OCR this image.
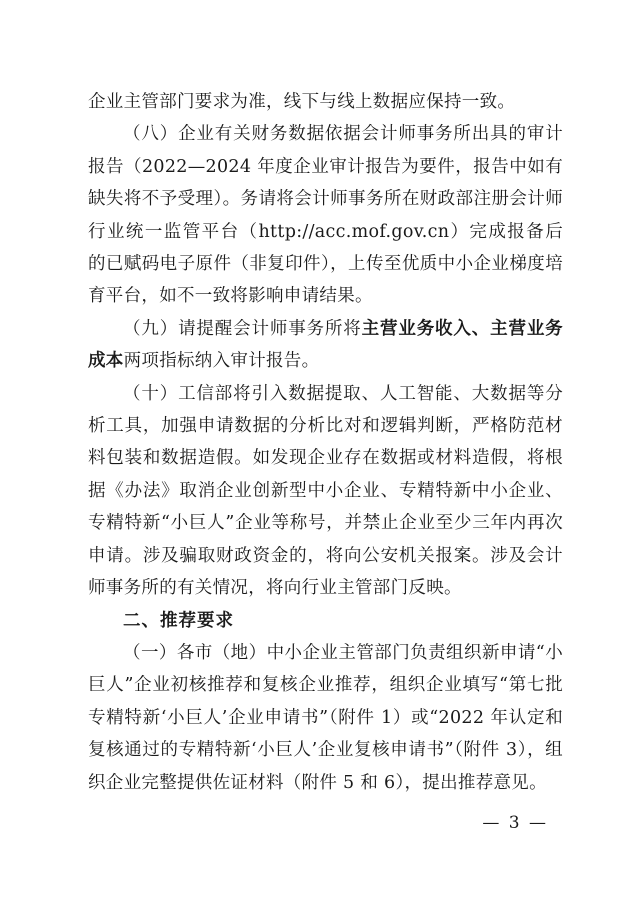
企业主管部门要求为准，线下与线上数据应保持一致。

（八）企业有关财务数据依据会计师事务所出具的审计报告（2022—2024 年度企业审计报告为要件，报告中如有缺失将不予受理）。务请将会计师事务所在财政部注册会计师行业统一监管平台（http://acc.mof.gov.cn）完成报备后的已赋码电子原件（非复印件），上传至优质中小企业梯度培育平台，如不一致将影响申请结果。

（九）请提醒会计师事务所将主营业务收入、主营业务成本两项指标纳入审计报告。

（十）工信部将引入数据提取、人工智能、大数据等分析工具，加强申请数据的分析比对和逻辑判断，严格防范材料包装和数据造假。如发现企业存在数据或材料造假，将根据《办法》取消企业创新型中小企业、专精特新中小企业、专精特新“小巨人”企业等称号，并禁止企业至少三年内再次申请。涉及骗取财政资金的，将向公安机关报案。涉及会计师事务所的有关情况，将向行业主管部门反映。

二、推荐要求

（一）各市（地）中小企业主管部门负责组织新申请“小巨人”企业初核推荐和复核企业推荐，组织企业填写“第七批专精特新‘小巨人’企业申请书”（附件 1）或“2022 年认定和复核通过的专精特新‘小巨人’企业复核申请书”（附件 3），组织企业完整提供佐证材料（附件 5 和 6），提出推荐意见。

— 3 —
